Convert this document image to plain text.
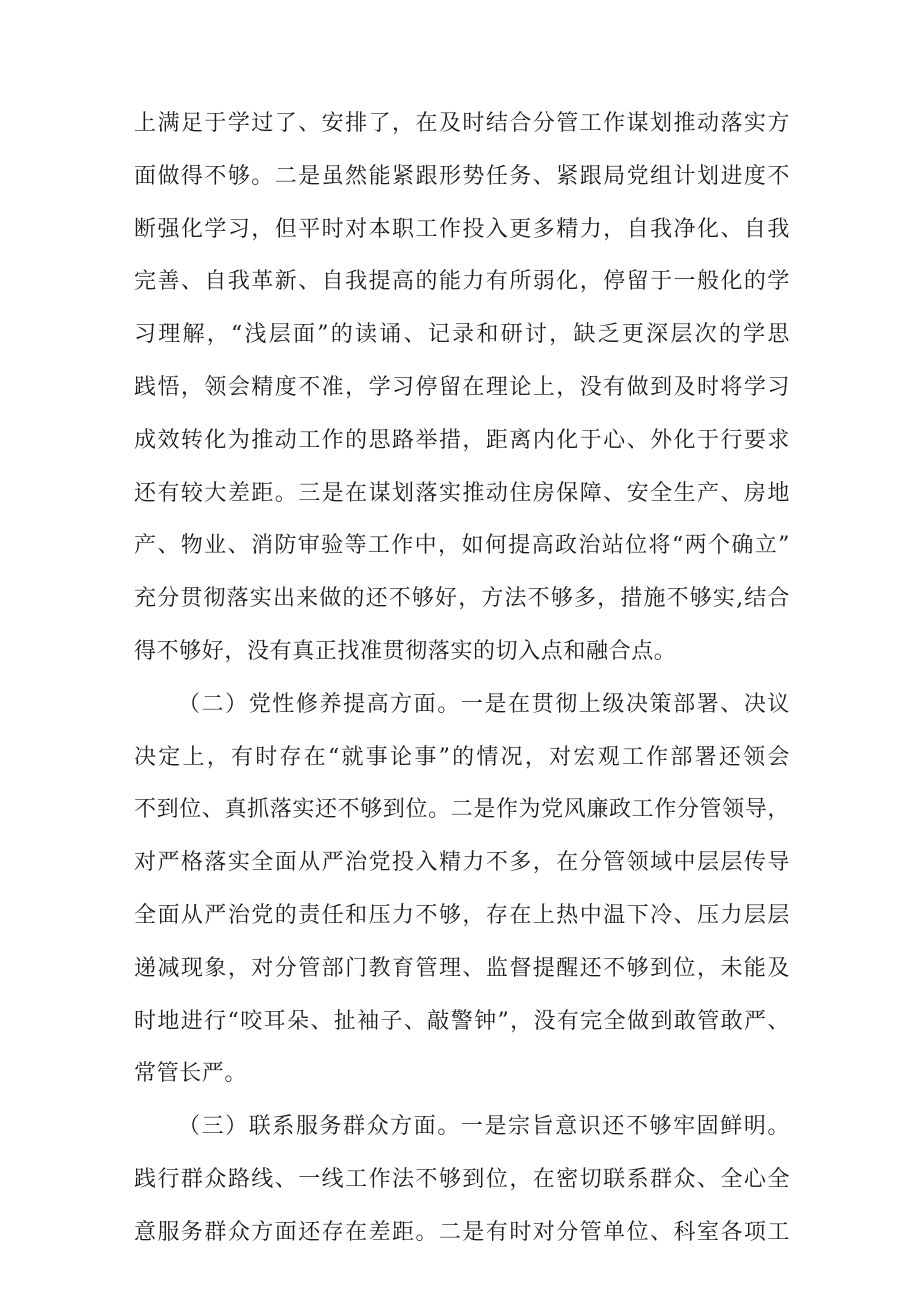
上满足于学过了、安排了，在及时结合分管工作谋划推动落实方
面做得不够。二是虽然能紧跟形势任务、紧跟局党组计划进度不
断强化学习，但平时对本职工作投入更多精力，自我净化、自我
完善、自我革新、自我提高的能力有所弱化，停留于一般化的学
习理解，“浅层面”的读诵、记录和研讨，缺乏更深层次的学思
践悟，领会精度不准，学习停留在理论上，没有做到及时将学习
成效转化为推动工作的思路举措，距离内化于心、外化于行要求
还有较大差距。三是在谋划落实推动住房保障、安全生产、房地
产、物业、消防审验等工作中，如何提高政治站位将“两个确立”
充分贯彻落实出来做的还不够好，方法不够多，措施不够实,结合
得不够好，没有真正找准贯彻落实的切入点和融合点。
（二）党性修养提高方面。一是在贯彻上级决策部署、决议
决定上，有时存在“就事论事”的情况，对宏观工作部署还领会
不到位、真抓落实还不够到位。二是作为党风廉政工作分管领导，
对严格落实全面从严治党投入精力不多，在分管领域中层层传导
全面从严治党的责任和压力不够，存在上热中温下冷、压力层层
递减现象，对分管部门教育管理、监督提醒还不够到位，未能及
时地进行“咬耳朵、扯袖子、敲警钟”，没有完全做到敢管敢严、
常管长严。
（三）联系服务群众方面。一是宗旨意识还不够牢固鲜明。
践行群众路线、一线工作法不够到位，在密切联系群众、全心全
意服务群众方面还存在差距。二是有时对分管单位、科室各项工
